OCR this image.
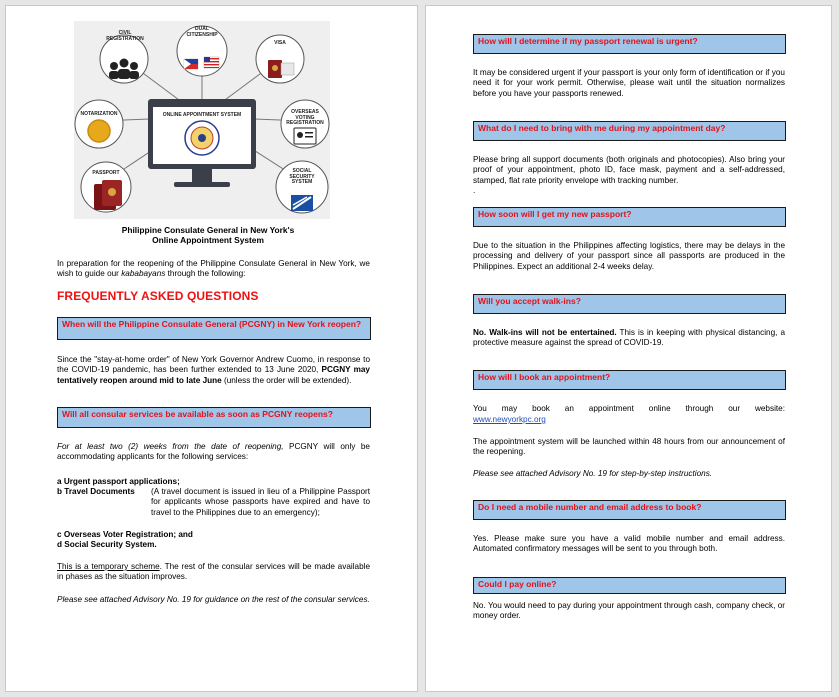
CIVIL REGISTRATION
DUAL CITIZENSHIP
VISA
NOTARIZATION	OVERSEAS VOTING REGISTRATION
PASSPORT	SOCIAL SECURITY SYSTEM
ONLINE APPOINTMENT SYSTEM
Philippine Consulate General in New York's
Online Appointment System

In preparation for the reopening of the Philippine Consulate General in New York, we wish to guide our kababayans through the following:

FREQUENTLY ASKED QUESTIONS
When will the Philippine Consulate General (PCGNY) in New York reopen?

Since the "stay-at-home order" of New York Governor Andrew Cuomo, in response to the COVID-19 pandemic, has been further extended to 13 June 2020, PCGNY may tentatively reopen around mid to late June (unless the order will be extended).

Will all consular services be available as soon as PCGNY reopens?

For at least two (2) weeks from the date of reopening, PCGNY will only be accommodating applicants for the following services:

a Urgent passport applications;
b Travel Documents (A travel document is issued in lieu of a Philippine Passport for applicants whose passports have expired and have to travel to the Philippines due to an emergency);
c Overseas Voter Registration; and
d Social Security System.

This is a temporary scheme. The rest of the consular services will be made available in phases as the situation improves.

Please see attached Advisory No. 19 for guidance on the rest of the consular services.

How will I determine if my passport renewal is urgent?

It may be considered urgent if your passport is your only form of identification or if you need it for your work permit. Otherwise, please wait until the situation normalizes before you have your passports renewed.

What do I need to bring with me during my appointment day?

Please bring all support documents (both originals and photocopies). Also bring your proof of your appointment, photo ID, face mask, payment and a self-addressed, stamped, flat rate priority envelope with tracking number.

.
How soon will I get my new passport?

Due to the situation in the Philippines affecting logistics, there may be delays in the processing and delivery of your passport since all passports are produced in the Philippines. Expect an additional 2-4 weeks delay.

Will you accept walk-ins?

No. Walk-ins will not be entertained. This is in keeping with physical distancing, a protective measure against the spread of COVID-19.

How will I book an appointment?

You may book an appointment online through our website:

www.newyorkpc.org

The appointment system will be launched within 48 hours from our announcement of the reopening.

Please see attached Advisory No. 19 for step-by-step instructions.

Do I need a mobile number and email address to book?

Yes. Please make sure you have a valid mobile number and email address. Automated confirmatory messages will be sent to you through both.

Could I pay online?

No. You would need to pay during your appointment through cash, company check, or money order.
